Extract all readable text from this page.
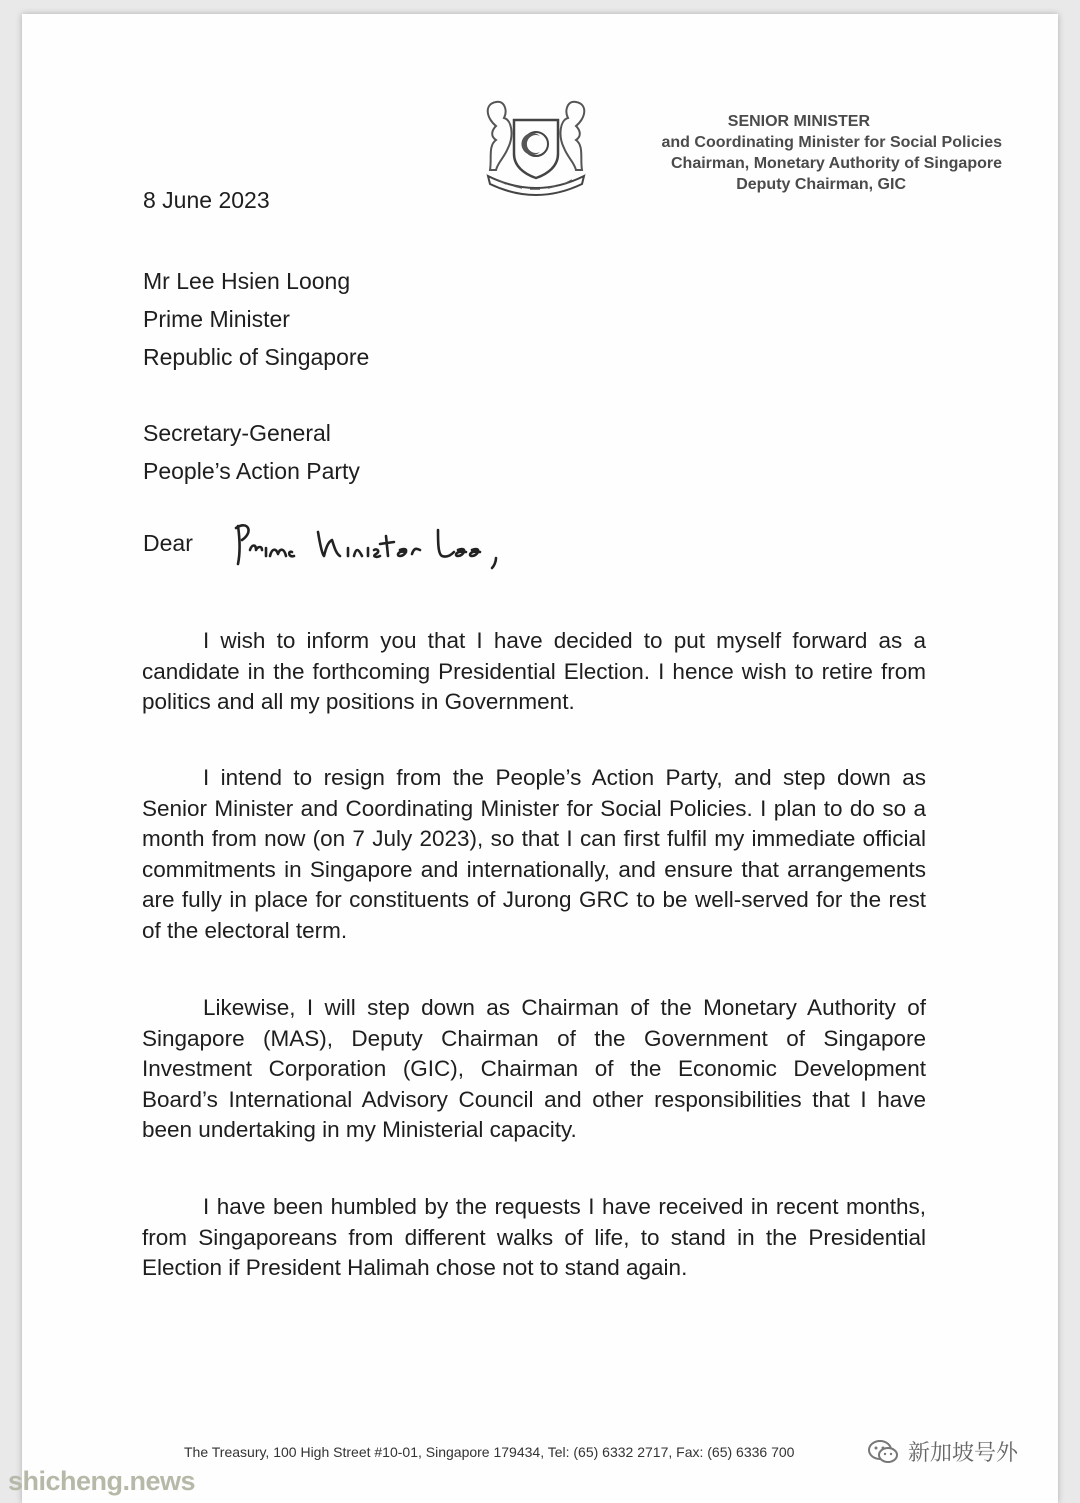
SENIOR MINISTER
and Coordinating Minister for Social Policies
Chairman, Monetary Authority of Singapore
Deputy Chairman, GIC
8 June 2023
Mr Lee Hsien Loong
Prime Minister
Republic of Singapore
Secretary-General
People’s Action Party
Dear

I wish to inform you that I have decided to put myself forward as a candidate in the forthcoming Presidential Election. I hence wish to retire from politics and all my positions in Government.

I intend to resign from the People’s Action Party, and step down as Senior Minister and Coordinating Minister for Social Policies. I plan to do so a month from now (on 7 July 2023), so that I can first fulfil my immediate official commitments in Singapore and internationally, and ensure that arrangements are fully in place for constituents of Jurong GRC to be well-served for the rest of the electoral term.

Likewise, I will step down as Chairman of the Monetary Authority of Singapore (MAS), Deputy Chairman of the Government of Singapore Investment Corporation (GIC), Chairman of the Economic Development Board’s International Advisory Council and other responsibilities that I have been undertaking in my Ministerial capacity.

I have been humbled by the requests I have received in recent months, from Singaporeans from different walks of life, to stand in the Presidential Election if President Halimah chose not to stand again.

The Treasury, 100 High Street #10-01, Singapore 179434, Tel: (65) 6332 2717, Fax: (65) 6336 700	新加坡号外
shicheng.news
